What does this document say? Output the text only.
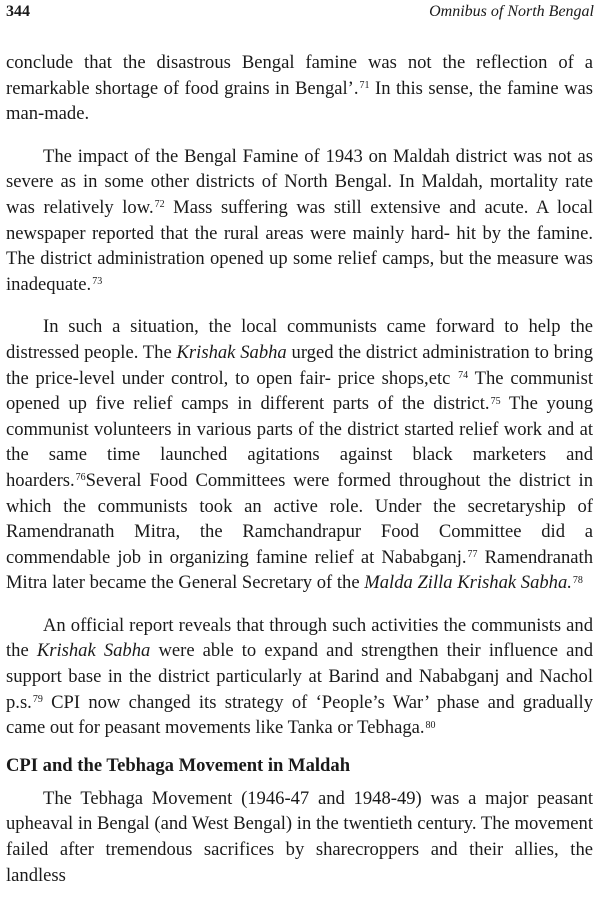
344	Omnibus of North Bengal

conclude that the disastrous Bengal famine was not the reflection of a remarkable shortage of food grains in Bengal’.$^{71}$ In this sense, the famine was man-made.

The impact of the Bengal Famine of 1943 on Maldah district was not as severe as in some other districts of North Bengal. In Maldah, mortality rate was relatively low.$^{72}$ Mass suffering was still extensive and acute. A local newspaper reported that the rural areas were mainly hard- hit by the famine. The district administration opened up some relief camps, but the measure was inadequate.$^{73}$

In such a situation, the local communists came forward to help the distressed people. The Krishak Sabha urged the district administration to bring the price-level under control, to open fair- price shops,etc $^{74}$ The communist opened up five relief camps in different parts of the district.$^{75}$ The young communist volunteers in various parts of the district started relief work and at the same time launched agitations against black marketers and hoarders.$^{76}$Several Food Committees were formed throughout the district in which the communists took an active role. Under the secretaryship of Ramendranath Mitra, the Ramchandrapur Food Committee did a commendable job in organizing famine relief at Nababganj.$^{77}$ Ramendranath Mitra later became the General Secretary of the Malda Zilla Krishak Sabha.$^{78}$

An official report reveals that through such activities the communists and the Krishak Sabha were able to expand and strengthen their influence and support base in the district particularly at Barind and Nababganj and Nachol p.s.$^{79}$ CPI now changed its strategy of ‘People’s War’ phase and gradually came out for peasant movements like Tanka or Tebhaga.$^{80}$

CPI and the Tebhaga Movement in Maldah

The Tebhaga Movement (1946-47 and 1948-49) was a major peasant upheaval in Bengal (and West Bengal) in the twentieth century. The movement failed after tremendous sacrifices by sharecroppers and their allies, the landless
